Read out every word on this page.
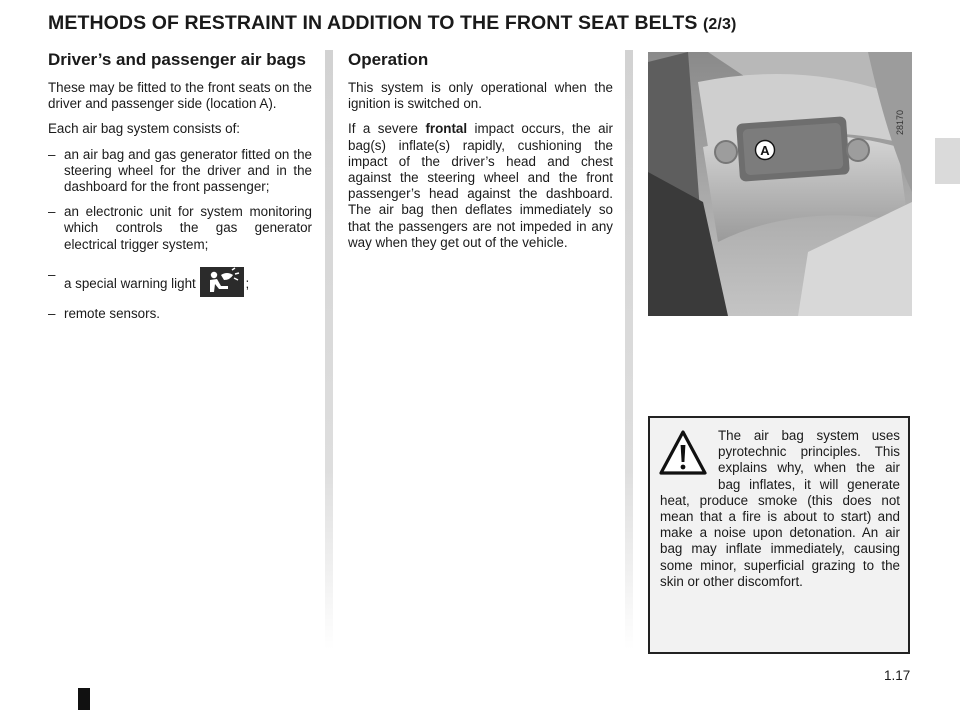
METHODS OF RESTRAINT IN ADDITION TO THE FRONT SEAT BELTS (2/3)
Driver’s and passenger air bags

These may be fitted to the front seats on the driver and passenger side (location A).

Each air bag system consists of:

– an air bag and gas generator fitted on the steering wheel for the driver and in the dashboard for the front passenger;
– an electronic unit for system monitoring which controls the gas generator electrical trigger system;
–
a special warning light	;
– remote sensors.
Operation

This system is only operational when the ignition is switched on.

If a severe frontal impact occurs, the air bag(s) inflate(s) rapidly, cushioning the impact of the driver’s head and chest against the steering wheel and the front passenger’s head against the dashboard. The air bag then deflates immediately so that the passengers are not impeded in any way when they get out of the vehicle.

A
28170
The air bag system uses pyrotechnic principles. This explains why, when the air bag inflates, it will generate heat, produce smoke (this does not mean that a fire is about to start) and make a noise upon detonation. An air bag may inflate immediately, causing some minor, superficial grazing to the skin or other discomfort.
1.17
